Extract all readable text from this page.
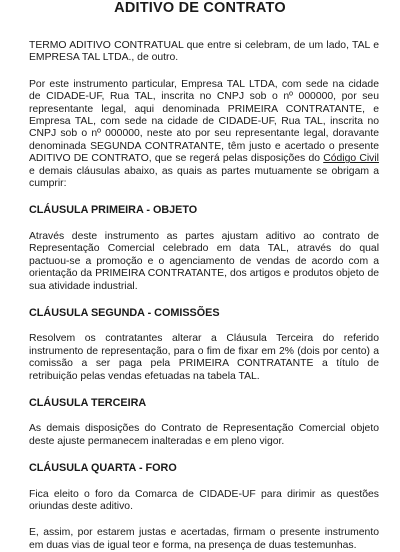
ADITIVO DE CONTRATO

TERMO ADITIVO CONTRATUAL que entre si celebram, de um lado, TAL e EMPRESA TAL LTDA., de outro.

Por este instrumento particular, Empresa TAL LTDA, com sede na cidade de CIDADE-UF, Rua TAL, inscrita no CNPJ sob o nº 000000, por seu representante legal, aqui denominada PRIMEIRA CONTRATANTE, e Empresa TAL, com sede na cidade de CIDADE-UF, Rua TAL, inscrita no CNPJ sob o nº 000000, neste ato por seu representante legal, doravante denominada SEGUNDA CONTRATANTE, têm justo e acertado o presente ADITIVO DE CONTRATO, que se regerá pelas disposições do Código Civil e demais cláusulas abaixo, as quais as partes mutuamente se obrigam a cumprir:

CLÁUSULA PRIMEIRA - OBJETO

Através deste instrumento as partes ajustam aditivo ao contrato de Representação Comercial celebrado em data TAL, através do qual pactuou-se a promoção e o agenciamento de vendas de acordo com a orientação da PRIMEIRA CONTRATANTE, dos artigos e produtos objeto de sua atividade industrial.

CLÁUSULA SEGUNDA - COMISSÕES

Resolvem os contratantes alterar a Cláusula Terceira do referido instrumento de representação, para o fim de fixar em 2% (dois por cento) a comissão a ser paga pela PRIMEIRA CONTRATANTE a título de retribuição pelas vendas efetuadas na tabela TAL.

CLÁUSULA TERCEIRA

As demais disposições do Contrato de Representação Comercial objeto deste ajuste permanecem inalteradas e em pleno vigor.

CLÁUSULA QUARTA - FORO

Fica eleito o foro da Comarca de CIDADE-UF para dirimir as questões oriundas deste aditivo.

E, assim, por estarem justas e acertadas, firmam o presente instrumento em duas vias de igual teor e forma, na presença de duas testemunhas.
